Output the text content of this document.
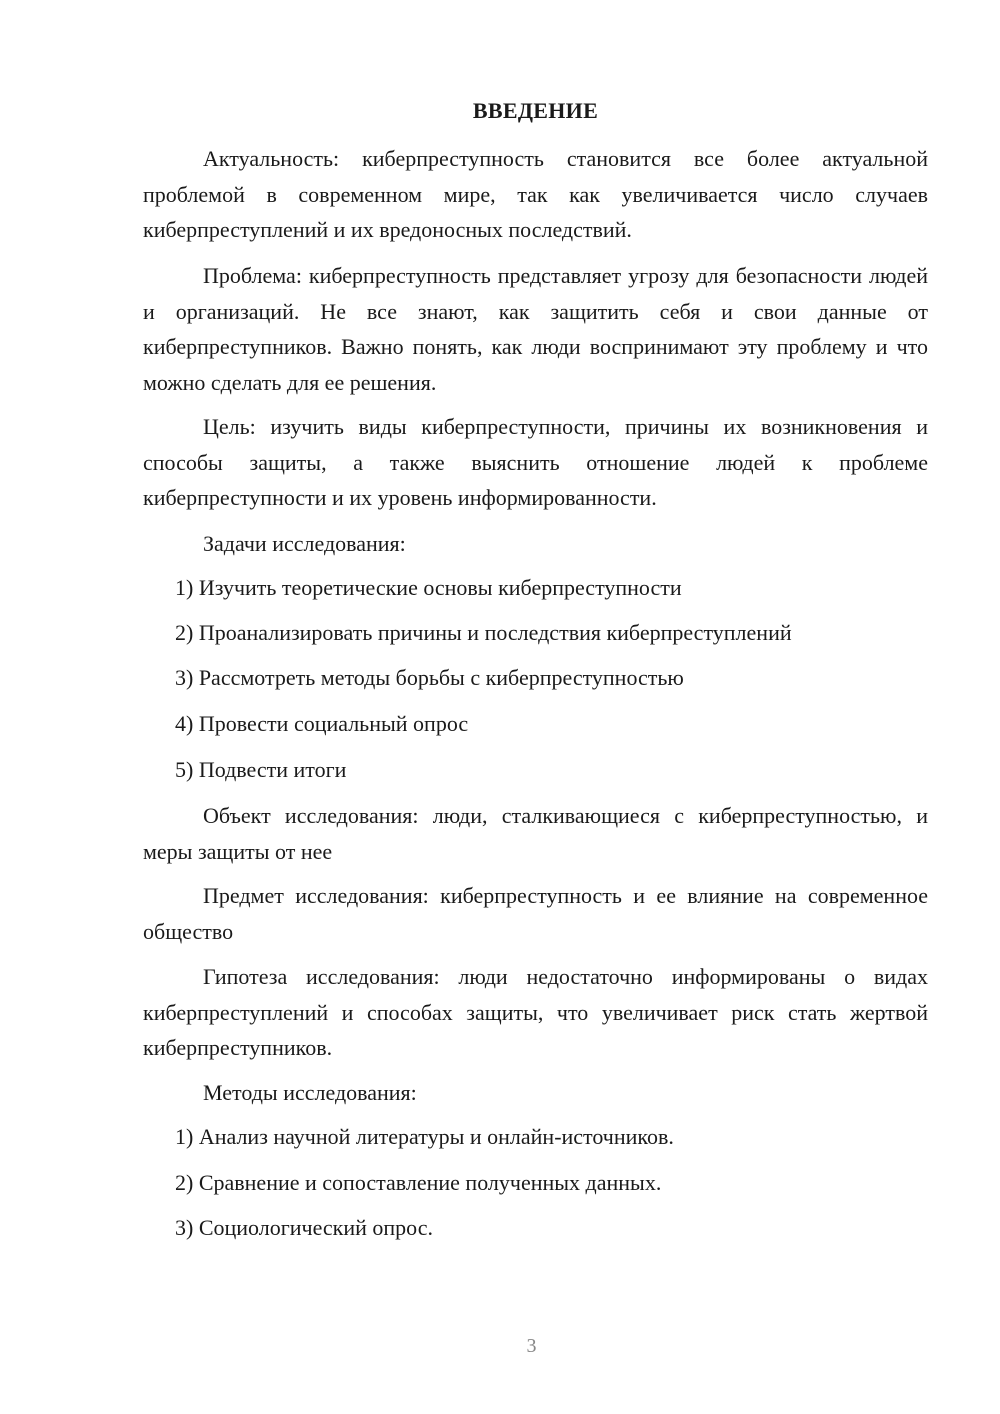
ВВЕДЕНИЕ

Актуальность: киберпреступность становится все более актуальной проблемой в современном мире, так как увеличивается число случаев киберпреступлений и их вредоносных последствий.

Проблема: киберпреступность представляет угрозу для безопасности людей и организаций. Не все знают, как защитить себя и свои данные от киберпреступников. Важно понять, как люди воспринимают эту проблему и что можно сделать для ее решения.

Цель: изучить виды киберпреступности, причины их возникновения и способы защиты, а также выяснить отношение людей к проблеме киберпреступности и их уровень информированности.

Задачи исследования:

1) Изучить теоретические основы киберпреступности

2) Проанализировать причины и последствия киберпреступлений

3) Рассмотреть методы борьбы с киберпреступностью

4) Провести социальный опрос

5) Подвести итоги

Объект исследования: люди, сталкивающиеся с киберпреступностью, и меры защиты от нее

Предмет исследования: киберпреступность и ее влияние на современное общество

Гипотеза исследования: люди недостаточно информированы о видах киберпреступлений и способах защиты, что увеличивает риск стать жертвой киберпреступников.

Методы исследования:

1) Анализ научной литературы и онлайн-источников.

2) Сравнение и сопоставление полученных данных.

3) Социологический опрос.

3
